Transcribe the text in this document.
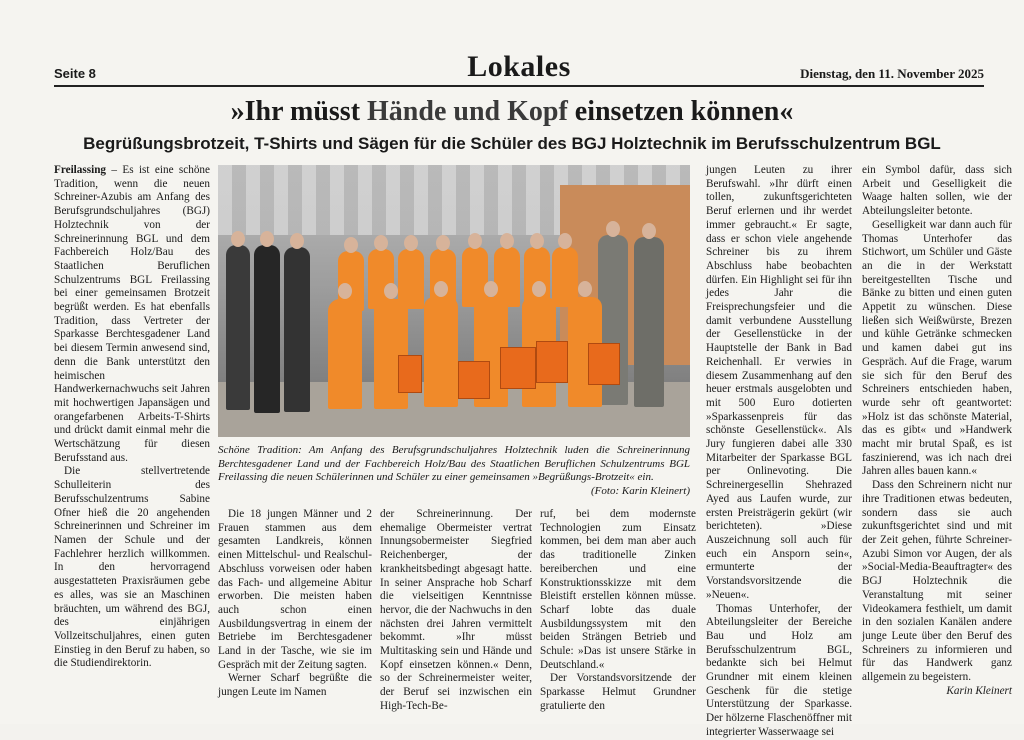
Seite 8	Lokales	Dienstag, den 11. November 2025
»Ihr müsst Hände und Kopf einsetzen können«
Begrüßungsbrotzeit, T-Shirts und Sägen für die Schüler des BGJ Holztechnik im Berufsschulzentrum BGL

Freilassing – Es ist eine schöne Tradition, wenn die neuen Schreiner-Azubis am Anfang des Berufsgrundschuljahres (BGJ) Holztechnik von der Schreinerinnung BGL und dem Fachbereich Holz/Bau des Staatlichen Beruflichen Schulzentrums BGL Freilassing bei einer gemeinsamen Brotzeit begrüßt werden. Es hat ebenfalls Tradition, dass Vertreter der Sparkasse Berchtesgadener Land bei diesem Termin anwesend sind, denn die Bank unterstützt den heimischen Handwerkernachwuchs seit Jahren mit hochwertigen Japansägen und orangefarbenen Arbeits-T-Shirts und drückt damit einmal mehr die Wertschätzung für diesen Berufsstand aus.

Die stellvertretende Schulleiterin des Berufsschulzentrums Sabine Ofner hieß die 20 angehenden Schreinerinnen und Schreiner im Namen der Schule und der Fachlehrer herzlich willkommen. In den hervorragend ausgestatteten Praxisräumen gebe es alles, was sie an Maschinen bräuchten, um während des BGJ, des einjährigen Vollzeitschuljahres, einen guten Einstieg in den Beruf zu haben, so die Studiendirektorin.

Schöne Tradition: Am Anfang des Berufsgrundschuljahres Holztechnik luden die Schreinerinnung Berchtesgadener Land und der Fachbereich Holz/Bau des Staatlichen Beruflichen Schulzentrums BGL Freilassing die neuen Schülerinnen und Schüler zu einer gemeinsamen »Begrüßungs-Brotzeit« ein.
(Foto: Karin Kleinert)

Die 18 jungen Männer und 2 Frauen stammen aus dem gesamten Landkreis, können einen Mittelschul- und Realschul-Abschluss vorweisen oder haben das Fach- und allgemeine Abitur erworben. Die meisten haben auch schon einen Ausbildungsvertrag in einem der Betriebe im Berchtesgadener Land in der Tasche, wie sie im Gespräch mit der Zeitung sagten.

Werner Scharf begrüßte die jungen Leute im Namen

der Schreinerinnung. Der ehemalige Obermeister vertrat Innungsobermeister Siegfried Reichenberger, der krankheitsbedingt abgesagt hatte. In seiner Ansprache hob Scharf die vielseitigen Kenntnisse hervor, die der Nachwuchs in den nächsten drei Jahren vermittelt bekommt. »Ihr müsst Multitasking sein und Hände und Kopf einsetzen können.« Denn, so der Schreinermeister weiter, der Beruf sei inzwischen ein High-Tech-Be-

ruf, bei dem modernste Technologien zum Einsatz kommen, bei dem man aber auch das traditionelle Zinken bereiberchen und eine Konstruktionsskizze mit dem Bleistift erstellen können müsse. Scharf lobte das duale Ausbildungssystem mit den beiden Strängen Betrieb und Schule: »Das ist unsere Stärke in Deutschland.«

Der Vorstandsvorsitzende der Sparkasse Helmut Grundner gratulierte den

jungen Leuten zu ihrer Berufswahl. »Ihr dürft einen tollen, zukunftsgerichteten Beruf erlernen und ihr werdet immer gebraucht.« Er sagte, dass er schon viele angehende Schreiner bis zu ihrem Abschluss habe beobachten dürfen. Ein Highlight sei für ihn jedes Jahr die Freisprechungsfeier und die damit verbundene Ausstellung der Gesellenstücke in der Hauptstelle der Bank in Bad Reichenhall. Er verwies in diesem Zusammenhang auf den heuer erstmals ausgelobten und mit 500 Euro dotierten »Sparkassenpreis für das schönste Gesellenstück«. Als Jury fungieren dabei alle 330 Mitarbeiter der Sparkasse BGL per Onlinevoting. Die Schreinergesellin Shehrazed Ayed aus Laufen wurde, zur ersten Preisträgerin gekürt (wir berichteten). »Diese Auszeichnung soll auch für euch ein Ansporn sein«, ermunterte der Vorstandsvorsitzende die »Neuen«.

Thomas Unterhofer, der Abteilungsleiter der Bereiche Bau und Holz am Berufsschulzentrum BGL, bedankte sich bei Helmut Grundner mit einem kleinen Geschenk für die stetige Unterstützung der Sparkasse. Der hölzerne Flaschenöffner mit integrierter Wasserwaage sei

ein Symbol dafür, dass sich Arbeit und Geselligkeit die Waage halten sollen, wie der Abteilungsleiter betonte.

Geselligkeit war dann auch für Thomas Unterhofer das Stichwort, um Schüler und Gäste an die in der Werkstatt bereitgestellten Tische und Bänke zu bitten und einen guten Appetit zu wünschen. Diese ließen sich Weißwürste, Brezen und kühle Getränke schmecken und kamen dabei gut ins Gespräch. Auf die Frage, warum sie sich für den Beruf des Schreiners entschieden haben, wurde sehr oft geantwortet: »Holz ist das schönste Material, das es gibt« und »Handwerk macht mir brutal Spaß, es ist faszinierend, was ich nach drei Jahren alles bauen kann.«

Dass den Schreinern nicht nur ihre Traditionen etwas bedeuten, sondern dass sie auch zukunftsgerichtet sind und mit der Zeit gehen, führte Schreiner-Azubi Simon vor Augen, der als »Social-Media-Beauftragter« des BGJ Holztechnik die Veranstaltung mit seiner Videokamera festhielt, um damit in den sozialen Kanälen andere junge Leute über den Beruf des Schreiners zu informieren und für das Handwerk ganz allgemein zu begeistern.

Karin Kleinert
